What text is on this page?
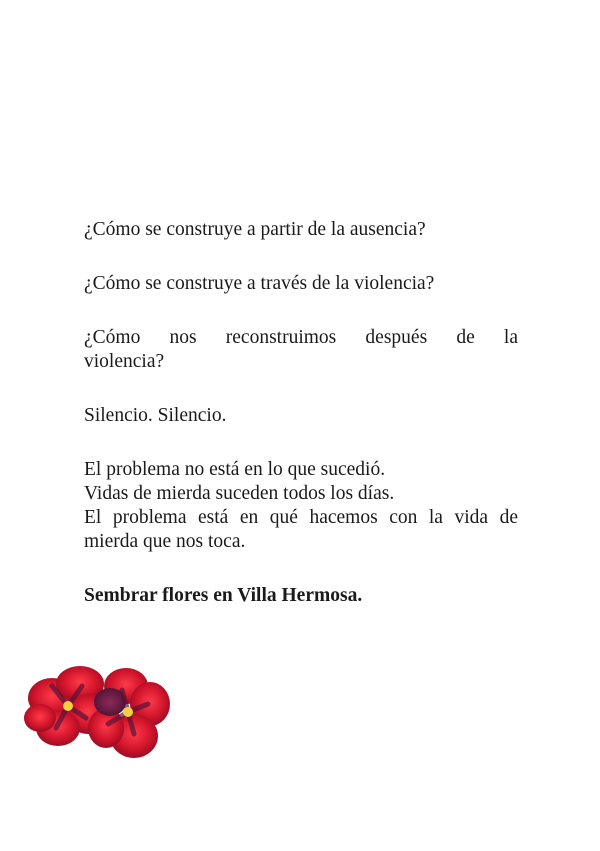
¿Cómo se construye a partir de la ausencia?

¿Cómo se construye a través de la violencia?

¿Cómo nos reconstruimos después de la
violencia?

Silencio. Silencio.

El problema no está en lo que sucedió.
Vidas de mierda suceden todos los días.
El problema está en qué hacemos con la vida de
mierda que nos toca.

Sembrar flores en Villa Hermosa.
